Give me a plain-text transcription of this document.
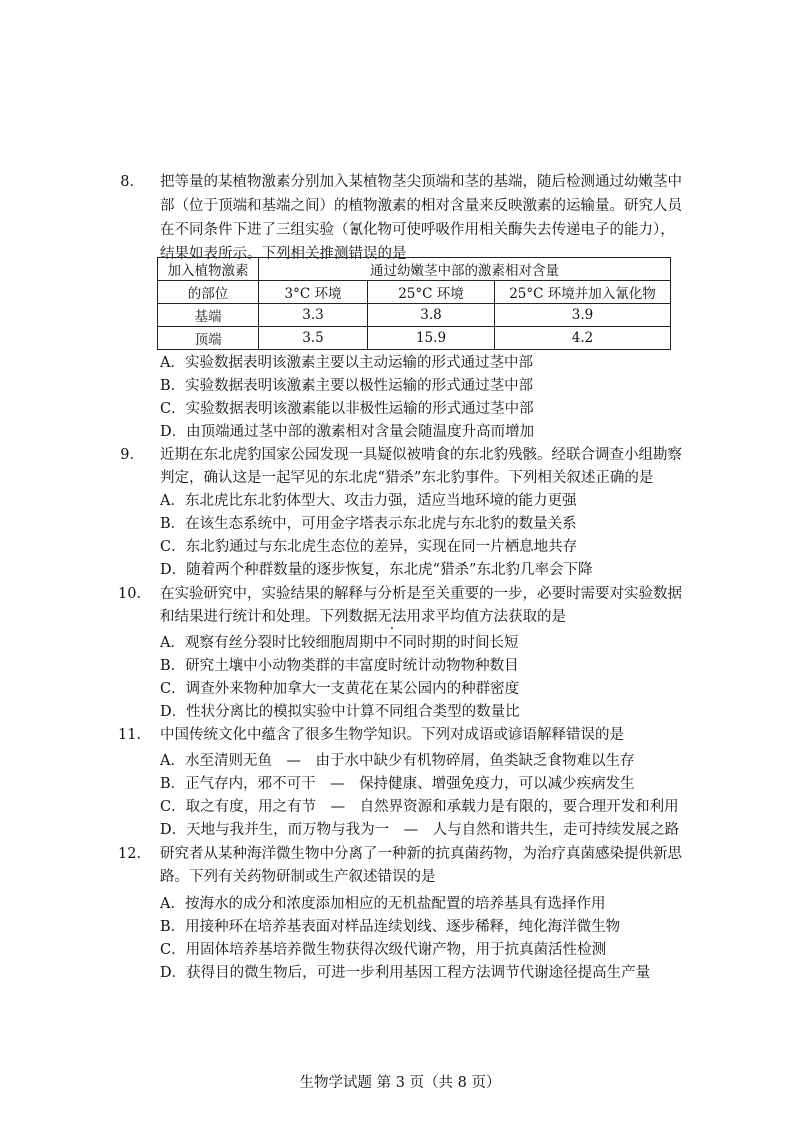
8． 把等量的某植物激素分别加入某植物茎尖顶端和茎的基端，随后检测通过幼嫩茎中
部（位于顶端和基端之间）的植物激素的相对含量来反映激素的运输量。研究人员
在不同条件下进了三组实验（氰化物可使呼吸作用相关酶失去传递电子的能力），
结果如表所示。下列相关推测错误的是
加入植物激素	通过幼嫩茎中部的激素相对含量		
的部位	3°C 环境	25°C 环境	25°C 环境并加入氰化物
基端	3.3	3.8	3.9
顶端	3.5	15.9	4.2
A．实验数据表明该激素主要以主动运输的形式通过茎中部
B．实验数据表明该激素主要以极性运输的形式通过茎中部
C．实验数据表明该激素能以非极性运输的形式通过茎中部
D．由顶端通过茎中部的激素相对含量会随温度升高而增加
9． 近期在东北虎豹国家公园发现一具疑似被啃食的东北豹残骸。经联合调查小组勘察
判定，确认这是一起罕见的东北虎“猎杀”东北豹事件。下列相关叙述正确的是
A．东北虎比东北豹体型大、攻击力强，适应当地环境的能力更强
B．在该生态系统中，可用金字塔表示东北虎与东北豹的数量关系
C．东北豹通过与东北虎生态位的差异，实现在同一片栖息地共存
D．随着两个种群数量的逐步恢复，东北虎“猎杀”东北豹几率会下降
10． 在实验研究中，实验结果的解释与分析是至关重要的一步，必要时需要对实验数据
和结果进行统计和处理。下列数据无法用求平均值方法获取的是
A．观察有丝分裂时比较细胞周期中不同时期的时间长短
B．研究土壤中小动物类群的丰富度时统计动物物种数目
C．调查外来物种加拿大一支黄花在某公园内的种群密度
D．性状分离比的模拟实验中计算不同组合类型的数量比
11． 中国传统文化中蕴含了很多生物学知识。下列对成语或谚语解释错误的是
A．水至清则无鱼　—　由于水中缺少有机物碎屑，鱼类缺乏食物难以生存
B．正气存内，邪不可干　—　保持健康、增强免疫力，可以减少疾病发生
C．取之有度，用之有节　—　自然界资源和承载力是有限的，要合理开发和利用
D．天地与我并生，而万物与我为一　—　人与自然和谐共生，走可持续发展之路
12． 研究者从某种海洋微生物中分离了一种新的抗真菌药物，为治疗真菌感染提供新思
路。下列有关药物研制或生产叙述错误的是
A．按海水的成分和浓度添加相应的无机盐配置的培养基具有选择作用
B．用接种环在培养基表面对样品连续划线、逐步稀释，纯化海洋微生物
C．用固体培养基培养微生物获得次级代谢产物，用于抗真菌活性检测
D．获得目的微生物后，可进一步利用基因工程方法调节代谢途径提高生产量
生物学试题 第 3 页（共 8 页）
